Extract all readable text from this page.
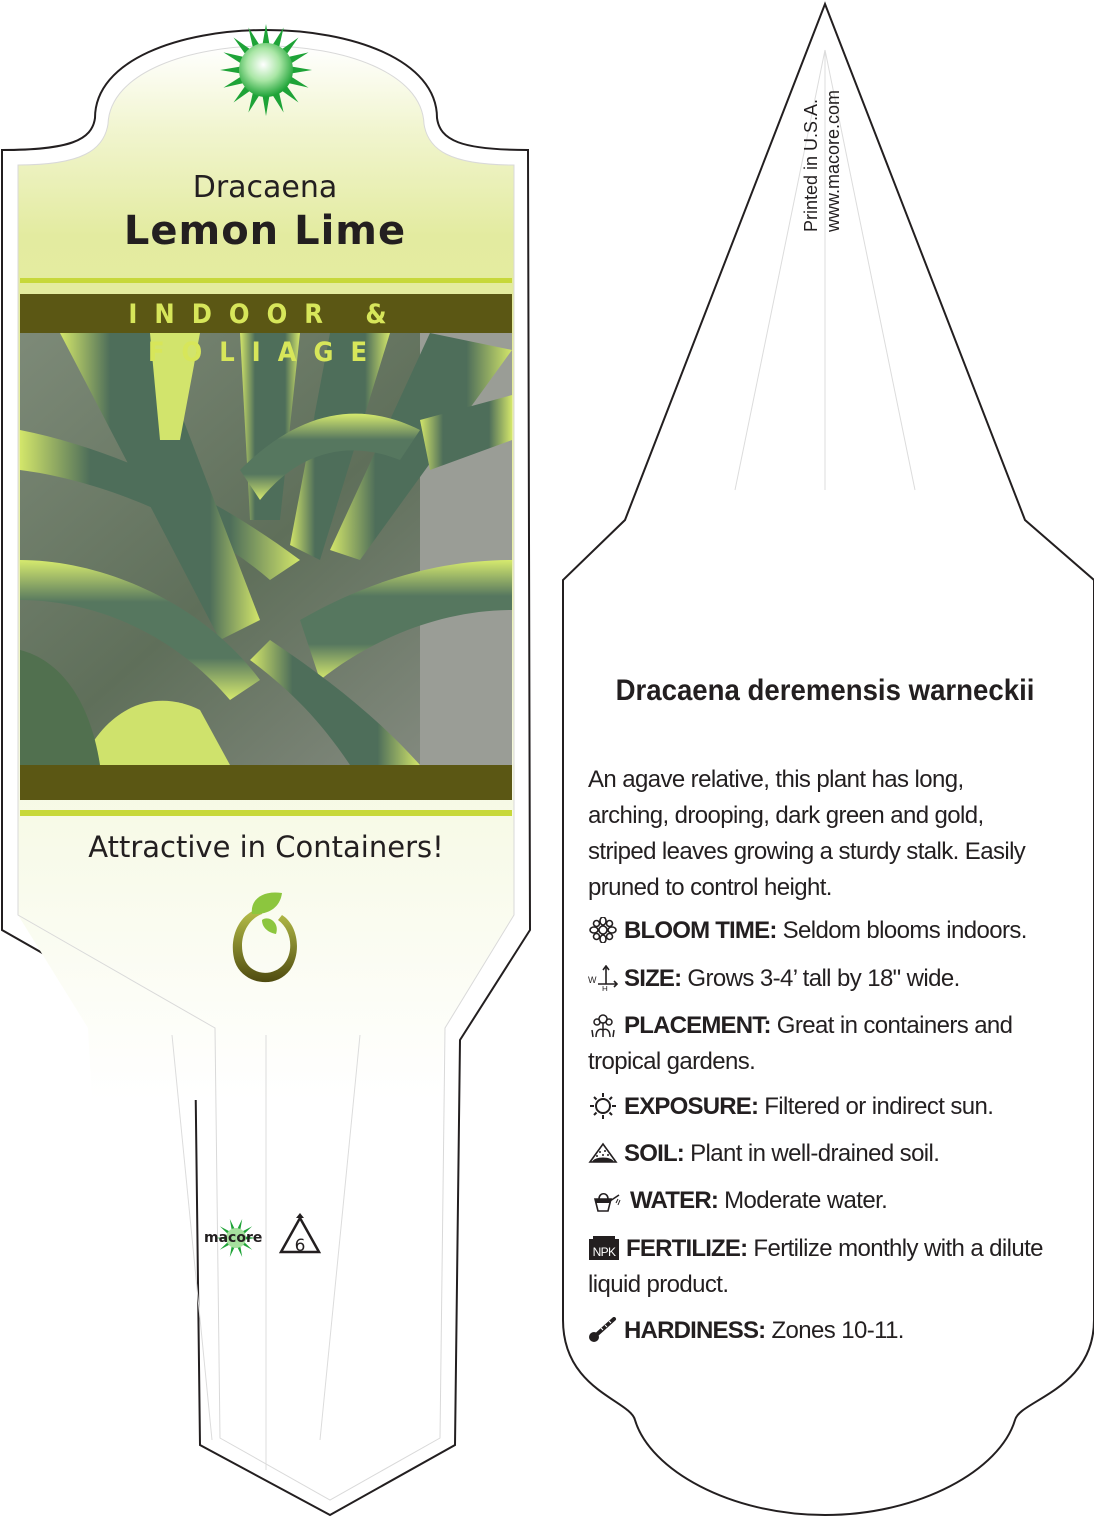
Dracaena
Lemon Lime
INDOOR & FOLIAGE
Attractive in Containers!
macore 6
Printed in U.S.A. www.macore.com
Dracaena deremensis warneckii
An agave relative, this plant has long, arching, drooping, dark green and gold, striped leaves growing a sturdy stalk. Easily pruned to control height.
BLOOM TIME: Seldom blooms indoors.
W
H SIZE: Grows 3-4’ tall by 18" wide.
PLACEMENT: Great in containers and tropical gardens.
EXPOSURE: Filtered or indirect sun.
SOIL: Plant in well-drained soil.
WATER: Moderate water.
NPK FERTILIZE: Fertilize monthly with a dilute liquid product.
HARDINESS: Zones 10-11.
